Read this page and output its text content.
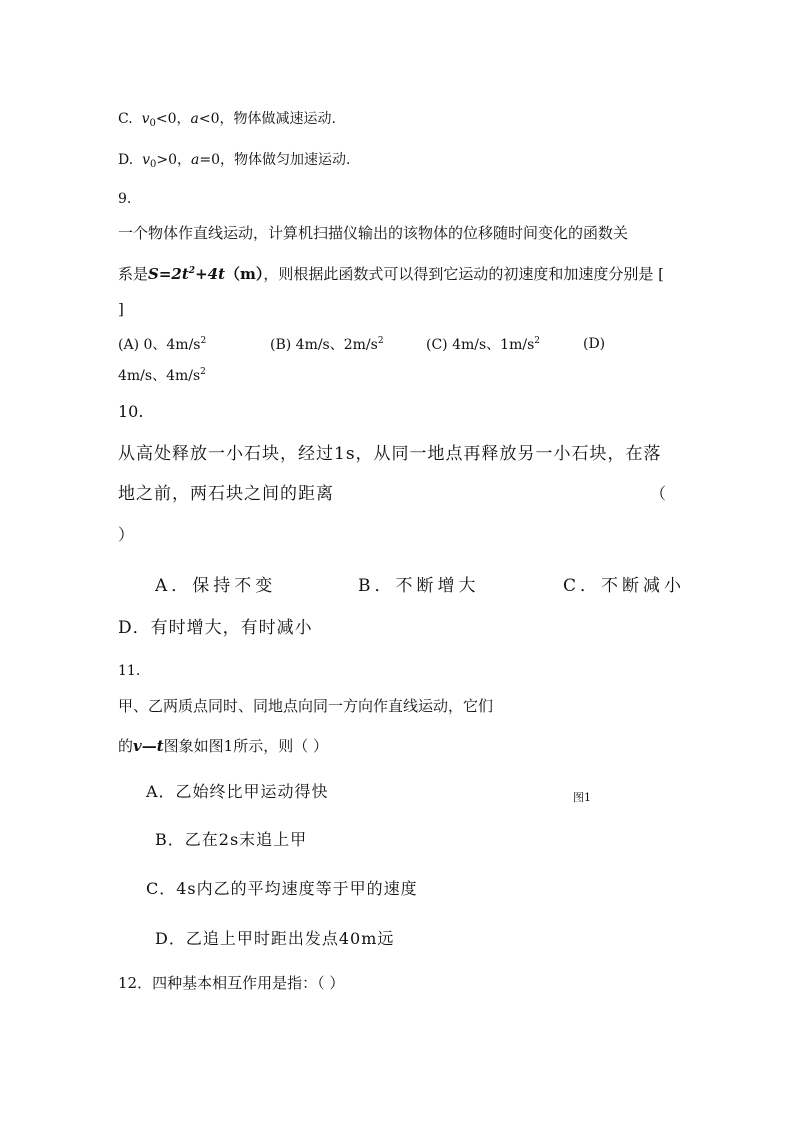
C. $v_0<0$，a<0，物体做减速运动.
D. $v_0>0$，a=0，物体做匀加速运动.
9.
一个物体作直线运动，计算机扫描仪输出的该物体的位移随时间变化的函数关
系是$S=2t^2+4t(m)$，则根据此函数式可以得到它运动的初速度和加速度分别是 [
]
(A) 0、$4m/s^2$	(B) 4m/s、$2m/s^2$	(C) 4m/s、$1m/s^2$	(D)
4m/s、$4m/s^2$
10.
从高处释放一小石块，经过1s，从同一地点再释放另一小石块，在落
地之前，两石块之间的距离	（
）
A．保持不变	B．不断增大	C．不断减小
D．有时增大，有时减小
11.
甲、乙两质点同时、同地点向同一方向作直线运动，它们
的v—t图象如图1所示，则（ ）
A．乙始终比甲运动得快	图1
B．乙在2s末追上甲
C．4s内乙的平均速度等于甲的速度
D．乙追上甲时距出发点40m远
12．四种基本相互作用是指：（ ）
